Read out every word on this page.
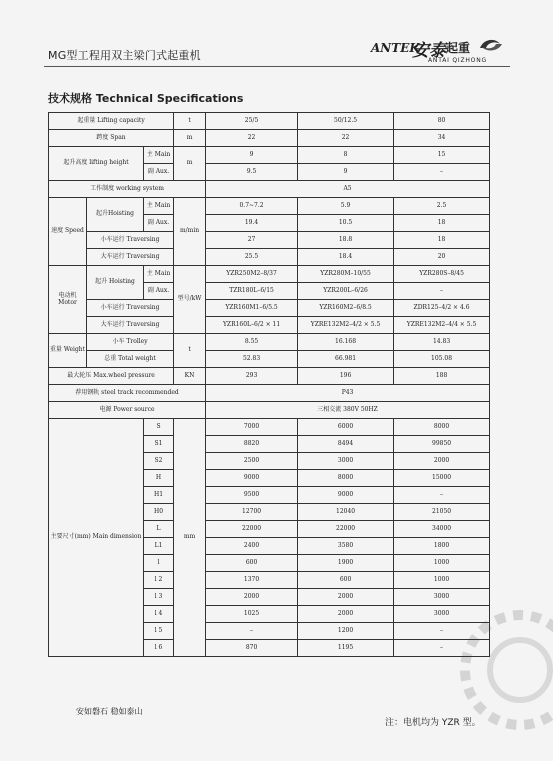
MG型工程用双主梁门式起重机
ANTEK
安泰 起重
ANTAI QIZHONG
技术规格 Technical Specifications
起重量 Lifting capacity			t	25/5	50/12.5	80
跨度 Span			m	22	22	34
起升高度 lifting height		主 Main	m	9	8	15
		副 Aux.		9.5	9	–
工作制度 working system				A5		
速度 Speed	起升Hoisting	主 Main	m/min	0.7~7.2	5.9	2.5
		副 Aux.		19.4	10.5	18
	小车运行 Traversing			27	18.8	18
	大车运行 Traversing			25.5	18.4	20
电动机 Motor	起升 Hoisting	主 Main	型号/kW	YZR250M2–8/37	YZR280M–10/55	YZR280S–8/45
		副 Aux.		TZR180L–6/15	YZR200L–6/26	–
	小车运行 Traversing			YZR160M1–6/5.5	YZR160M2–6/8.5	ZDR125–4/2 × 4.6
	大车运行 Traversing			YZR160L–6/2 × 11	YZRE132M2–4/2 × 5.5	YZRE132M2–4/4 × 5.5
重量 Weight	小车 Trolley		t	8.55	16.168	14.83
	总重 Total weight			52.83	66.981	105.08
最大轮压 Max.wheel pressure			KN	293	196	188
荐用钢轨 steel track recommended				P43		
电源 Power source				三相交流 380V 50HZ		
主要尺寸(mm) Main dimension		S	mm	7000	6000	8000
		S1		8820	8494	99850
		S2		2500	3000	2000
		H		9000	8000	15000
		H1		9500	9000	–
		H0		12700	12040	21050
		L		22000	22000	34000
		L1		2400	3580	1800
		l		600	1900	1000
		l 2		1370	600	1000
		l 3		2000	2000	3000
		l 4		1025	2000	3000
		l 5		–	1200	–
		l 6		870	1195	–
安如磐石 稳如泰山
注：电机均为 YZR 型。
